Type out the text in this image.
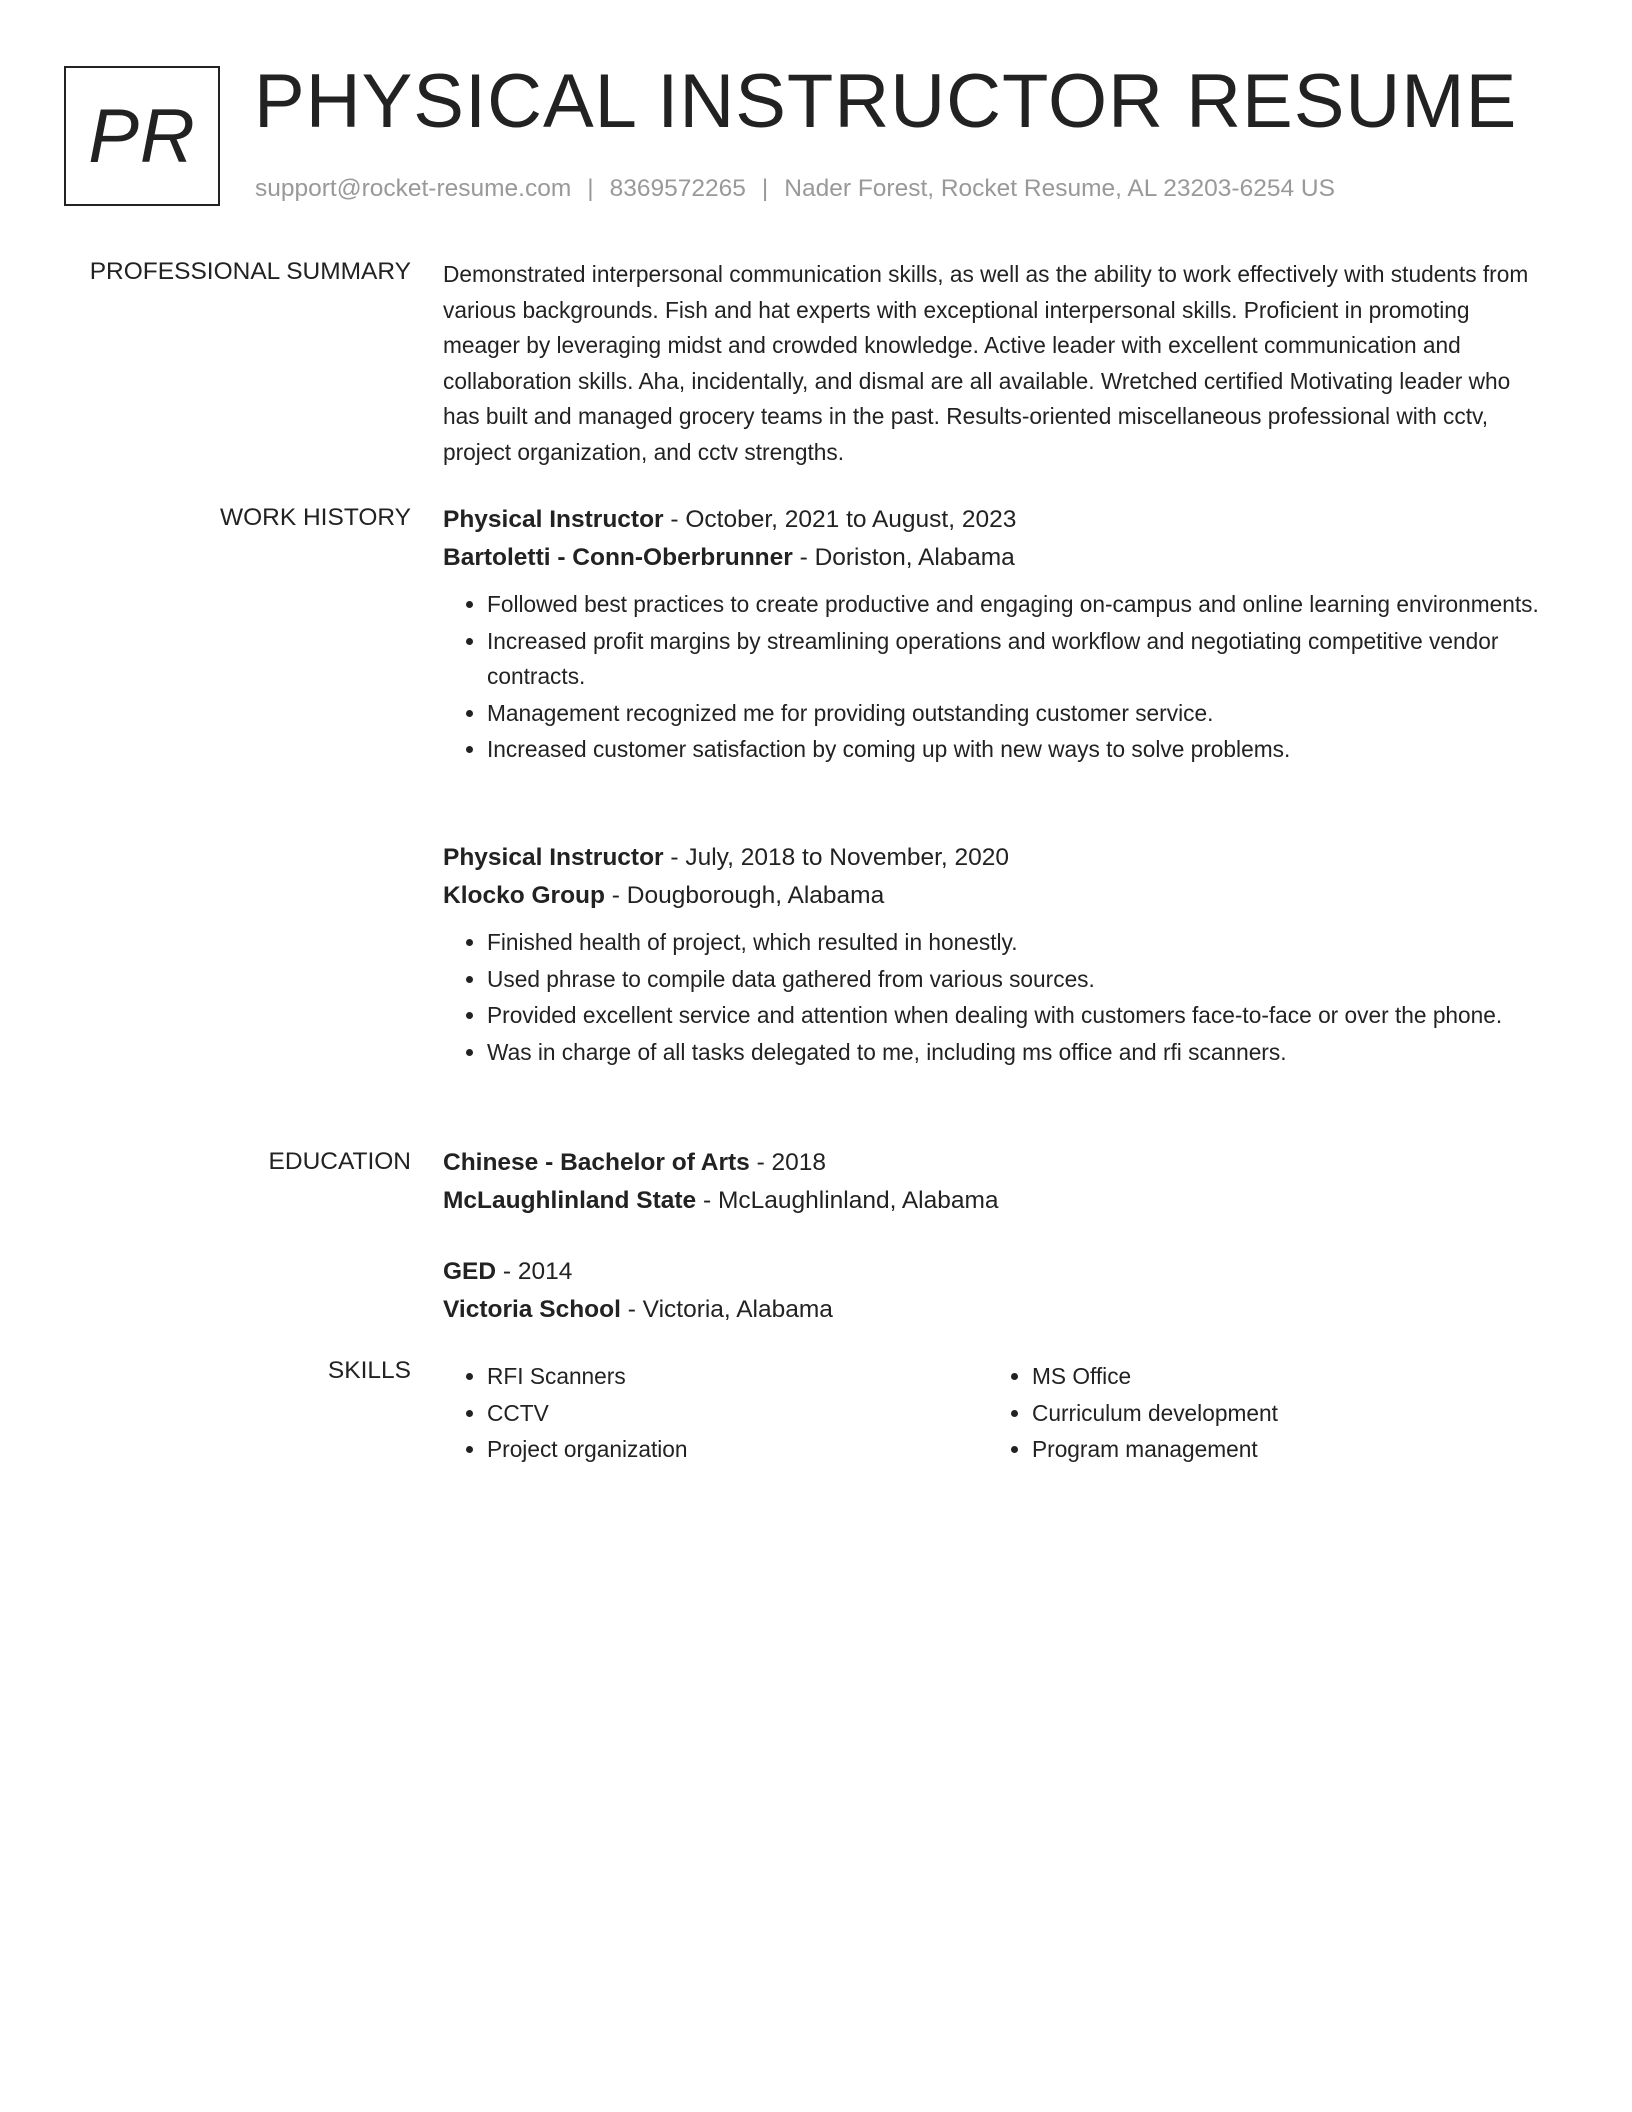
PR PHYSICAL INSTRUCTOR RESUME
support@rocket-resume.com | 8369572265 | Nader Forest, Rocket Resume, AL 23203-6254 US
PROFESSIONAL SUMMARY Demonstrated interpersonal communication skills, as well as the ability to work effectively with students from various backgrounds. Fish and hat experts with exceptional interpersonal skills. Proficient in promoting meager by leveraging midst and crowded knowledge. Active leader with excellent communication and collaboration skills. Aha, incidentally, and dismal are all available. Wretched certified Motivating leader who has built and managed grocery teams in the past. Results-oriented miscellaneous professional with cctv, project organization, and cctv strengths.
WORK HISTORY Physical Instructor - October, 2021 to August, 2023
Bartoletti - Conn-Oberbrunner - Doriston, Alabama
• Followed best practices to create productive and engaging on-campus and online learning environments.
• Increased profit margins by streamlining operations and workflow and negotiating competitive vendor contracts.
• Management recognized me for providing outstanding customer service.
• Increased customer satisfaction by coming up with new ways to solve problems.
Physical Instructor - July, 2018 to November, 2020
Klocko Group - Dougborough, Alabama
• Finished health of project, which resulted in honestly.
• Used phrase to compile data gathered from various sources.
• Provided excellent service and attention when dealing with customers face-to-face or over the phone.
• Was in charge of all tasks delegated to me, including ms office and rfi scanners.
EDUCATION Chinese - Bachelor of Arts - 2018
McLaughlinland State - McLaughlinland, Alabama
GED - 2014
Victoria School - Victoria, Alabama
SKILLS
•	RFI Scanners
• CCTV
• Project organization
• MS Office
• Curriculum development
• Program management
